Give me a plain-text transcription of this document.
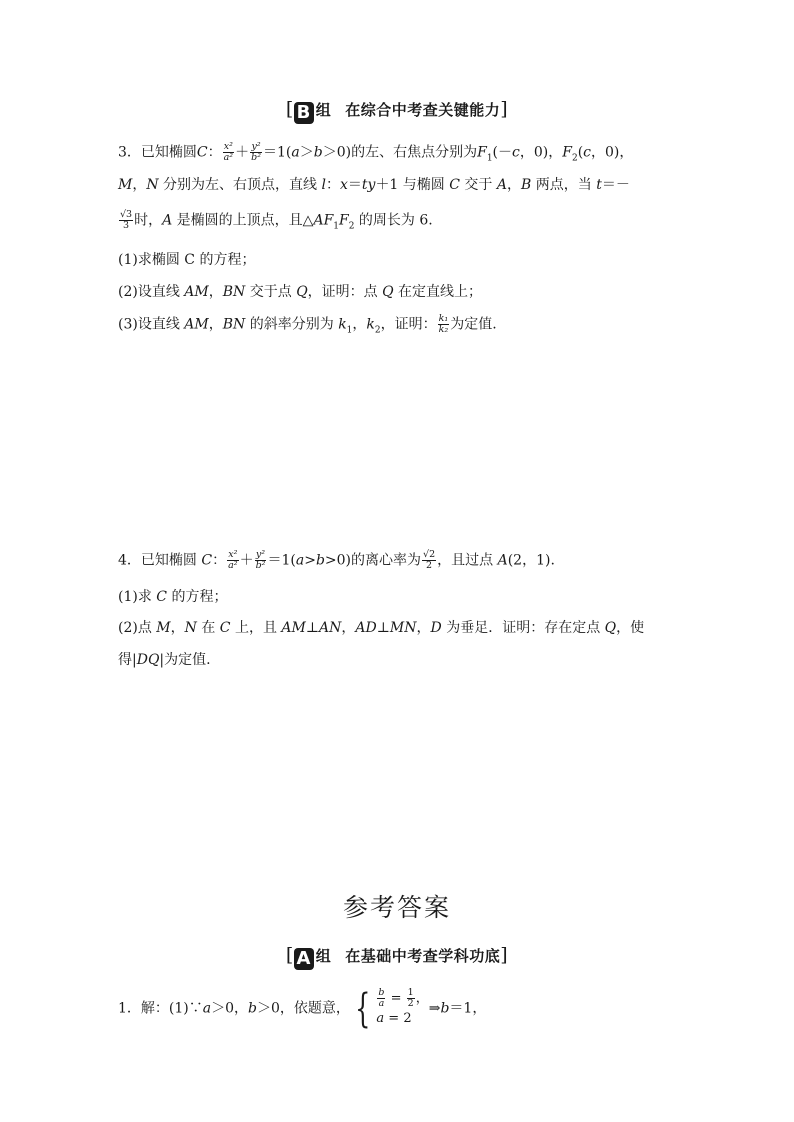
[ B 组 在综合中考查关键能力]
3．已知椭圆C： $\frac{\text{x²}}{\text{a²}} + \frac{\text{y²}}{\text{b²}} =1(a>b>0)$的左、右焦点分别为$F_1(-c$，0)，$F_2(c$，0)，
M，N 分别为左、右顶点，直线 l：x＝ty＋1 与椭圆 C 交于 A，B 两点，当 t＝－
$\frac{√3}{3}$ 时，A 是椭圆的上顶点，且$\triangle AF_1F_2$ 的周长为 6.
(1)求椭圆 C 的方程；
(2)设直线 AM，BN 交于点 Q，证明：点 Q 在定直线上；
(3)设直线 AM，BN 的斜率分别为 $k_1$，$k_2$，证明： $\frac{\text{k₁}}{\text{k₂}}$ 为定值.
4．已知椭圆 C： $\frac{\text{x²}}{\text{a²}} + \frac{\text{y²}}{\text{b²}} =1(a>b>0)$的离心率为 $\frac{√2}{2}$ ，且过点 A(2，1).
(1)求 C 的方程；
(2)点 M，N 在 C 上，且 AM⊥AN，AD⊥MN，D 为垂足．证明：存在定点 Q，使
得|DQ|为定值.
参考答案
[ A 组 在基础中考查学科功底]
1．解：(1)∵a＞0，b＞0，依题意， { $\frac{b}{a} = \frac{1}{2}$ ，
a = 2
⇒b＝1，
